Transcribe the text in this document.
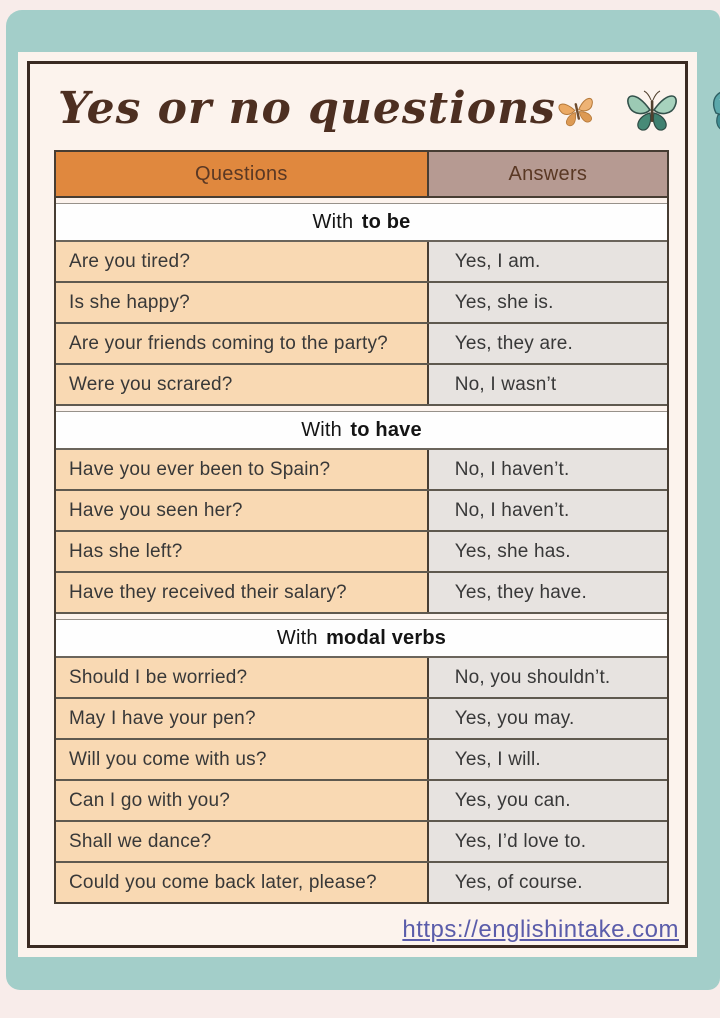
Yes or no questions
Questions	Answers
With to be
Are you tired?	Yes, I am.
Is she happy?	Yes, she is.
Are your friends coming to the party?	Yes, they are.
Were you scrared?	No, I wasn’t
With to have
Have you ever been to Spain?	No, I haven’t.
Have you seen her?	No, I haven’t.
Has she left?	Yes, she has.
Have they received their salary?	Yes, they have.
With modal verbs
Should I be worried?	No, you shouldn’t.
May I have your pen?	Yes, you may.
Will you come with us?	Yes, I will.
Can I go with you?	Yes, you can.
Shall we dance?	Yes, I’d love to.
Could you come back later, please?	Yes, of course.
https://englishintake.com
